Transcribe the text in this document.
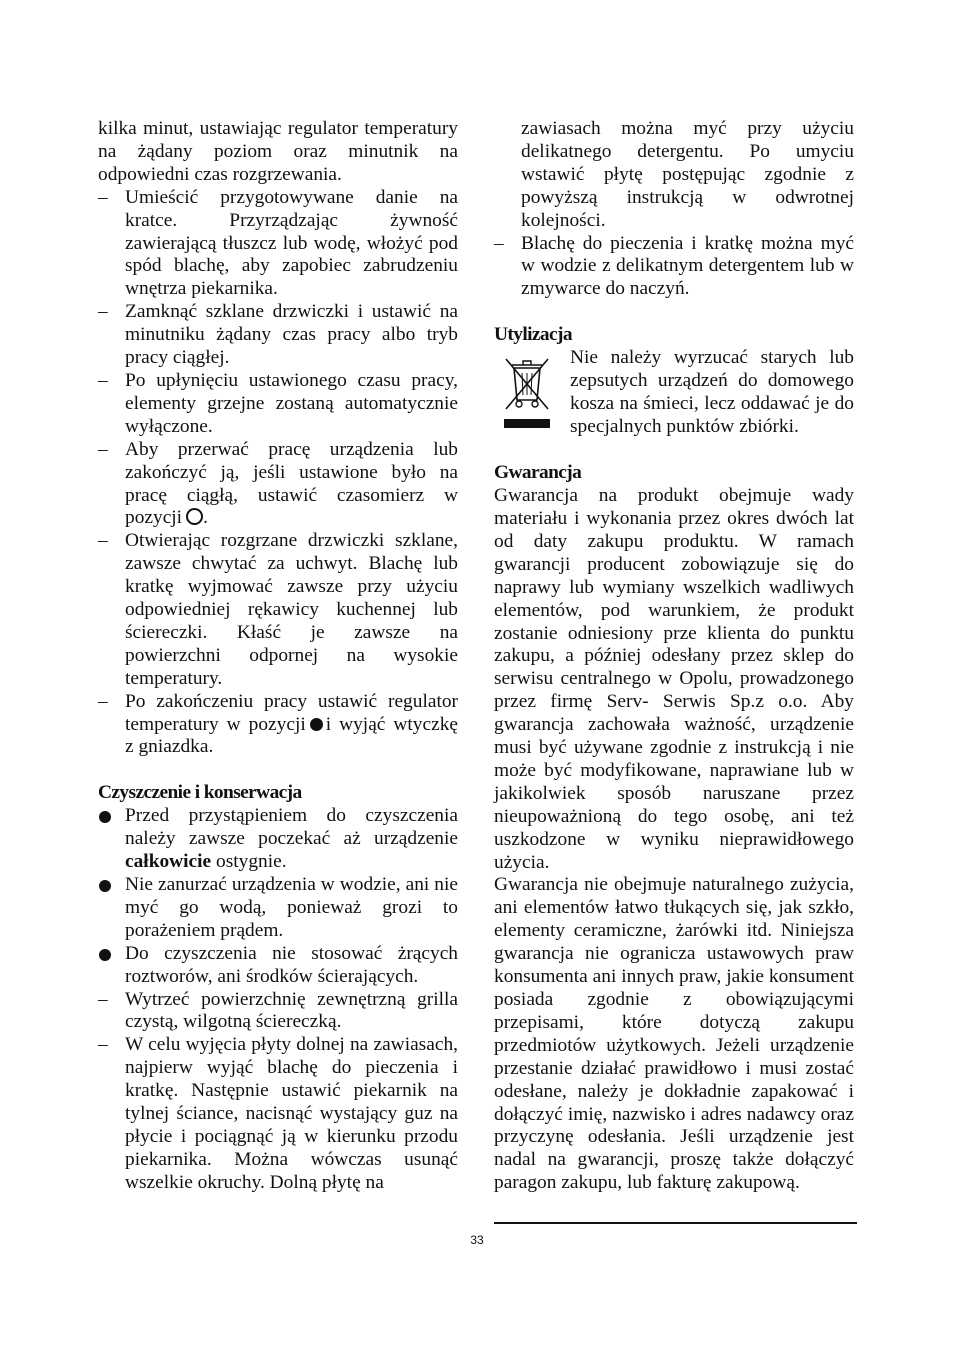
kilka minut, ustawiając regulator temperatury na żądany poziom oraz minutnik na odpowiedni czas rozgrzewania.

–
Umieścić przygotowywane danie na kratce. Przyrządzając żywność zawierającą tłuszcz lub wodę, włożyć pod spód blachę, aby zapobiec zabrudzeniu wnętrza piekarnika.
–
Zamknąć szklane drzwiczki i ustawić na minutniku żądany czas pracy albo tryb pracy ciągłej.
–
Po upłynięciu ustawionego czasu pracy, elementy grzejne zostaną automatycznie wyłączone.
–
Aby przerwać pracę urządzenia lub zakończyć ją, jeśli ustawione było na pracę ciągłą, ustawić czasomierz w pozycji .
–
Otwierając rozgrzane drzwiczki szklane, zawsze chwytać za uchwyt. Blachę lub kratkę wyjmować zawsze przy użyciu odpowiedniej rękawicy kuchennej lub ściereczki. Kłaść je zawsze na powierzchni odpornej na wysokie temperatury.
–
Po zakończeniu pracy ustawić regulator temperatury w pozycji i wyjąć wtyczkę z gniazdka.

Czyszczenie i konserwacja

Przed przystąpieniem do czyszczenia należy zawsze poczekać aż urządzenie całkowicie ostygnie.
Nie zanurzać urządzenia w wodzie, ani nie myć go wodą, ponieważ grozi to porażeniem prądem.
Do czyszczenia nie stosować żrących roztworów, ani środków ścierających.
–
Wytrzeć powierzchnię zewnętrzną grilla czystą, wilgotną ściereczką.
–
W celu wyjęcia płyty dolnej na zawiasach, najpierw wyjąć blachę do pieczenia i kratkę. Następnie ustawić piekarnik na tylnej ściance, nacisnąć wystający guz na płycie i pociągnąć ją w kierunku przodu piekarnika. Można wówczas usunąć wszelkie okruchy. Dolną płytę na

zawiasach można myć przy użyciu delikatnego detergentu. Po umyciu wstawić płytę postępując zgodnie z powyższą instrukcją w odwrotnej kolejności.

–
Blachę do pieczenia i kratkę można myć w wodzie z delikatnym detergentem lub w zmywarce do naczyń.

Utylizacja

Nie należy wyrzucać starych lub zepsutych urządzeń do domowego kosza na śmieci, lecz oddawać je do specjalnych punktów zbiórki.

Gwarancja

Gwarancja na produkt obejmuje wady materiału i wykonania przez okres dwóch lat od daty zakupu produktu. W ramach gwarancji producent zobowiązuje się do naprawy lub wymiany wszelkich wadliwych elementów, pod warunkiem, że produkt zostanie odniesiony prze klienta do punktu zakupu, a później odesłany przez sklep do serwisu centralnego w Opolu, prowadzonego przez firmę Serv- Serwis Sp.z o.o. Aby gwarancja zachowała ważność, urządzenie musi być używane zgodnie z instrukcją i nie może być modyfikowane, naprawiane lub w jakikolwiek sposób naruszane przez nieupoważnioną do tego osobę, ani też uszkodzone w wyniku nieprawidłowego użycia.

Gwarancja nie obejmuje naturalnego zużycia, ani elementów łatwo tłukących się, jak szkło, elementy ceramiczne, żarówki itd. Niniejsza gwarancja nie ogranicza ustawowych praw konsumenta ani innych praw, jakie konsument posiada zgodnie z obowiązującymi przepisami, które dotyczą zakupu przedmiotów użytkowych. Jeżeli urządzenie przestanie działać prawidłowo i musi zostać odesłane, należy je dokładnie zapakować i dołączyć imię, nazwisko i adres nadawcy oraz przyczynę odesłania. Jeśli urządzenie jest nadal na gwarancji, proszę także dołączyć paragon zakupu, lub fakturę zakupową.

33
